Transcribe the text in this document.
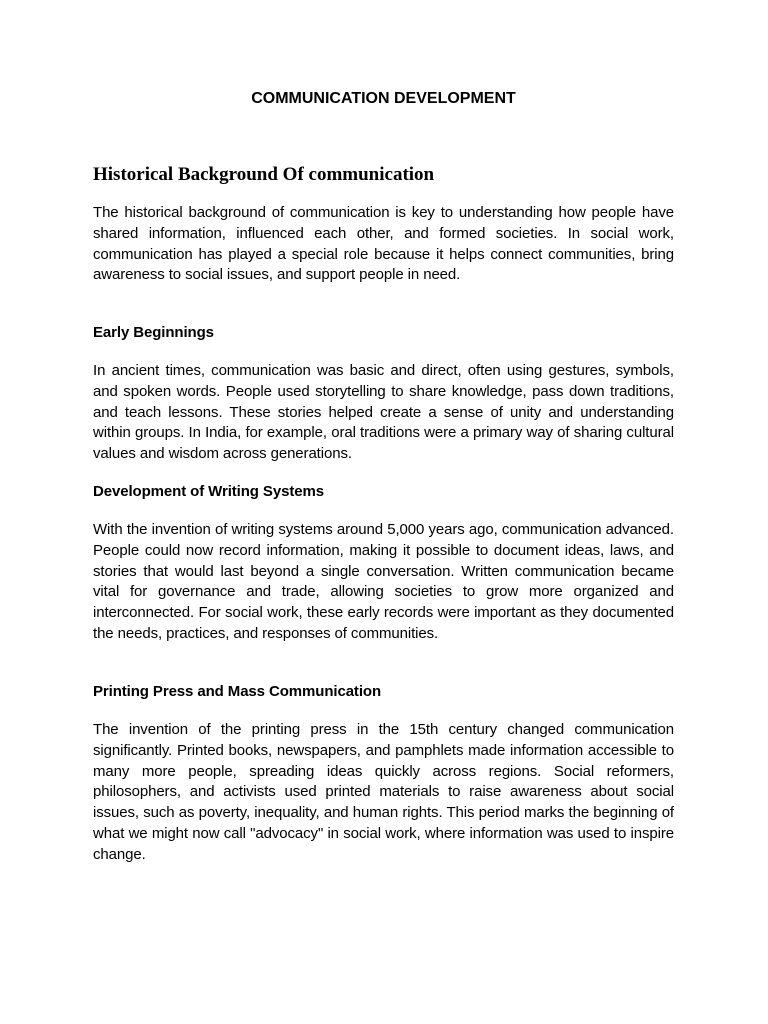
COMMUNICATION DEVELOPMENT
Historical Background Of communication

The historical background of communication is key to understanding how people have shared information, influenced each other, and formed societies. In social work, communication has played a special role because it helps connect communities, bring awareness to social issues, and support people in need.

Early Beginnings

In ancient times, communication was basic and direct, often using gestures, symbols, and spoken words. People used storytelling to share knowledge, pass down traditions, and teach lessons. These stories helped create a sense of unity and understanding within groups. In India, for example, oral traditions were a primary way of sharing cultural values and wisdom across generations.

Development of Writing Systems

With the invention of writing systems around 5,000 years ago, communication advanced. People could now record information, making it possible to document ideas, laws, and stories that would last beyond a single conversation. Written communication became vital for governance and trade, allowing societies to grow more organized and interconnected. For social work, these early records were important as they documented the needs, practices, and responses of communities.

Printing Press and Mass Communication

The invention of the printing press in the 15th century changed communication significantly. Printed books, newspapers, and pamphlets made information accessible to many more people, spreading ideas quickly across regions. Social reformers, philosophers, and activists used printed materials to raise awareness about social issues, such as poverty, inequality, and human rights. This period marks the beginning of what we might now call "advocacy" in social work, where information was used to inspire change.
